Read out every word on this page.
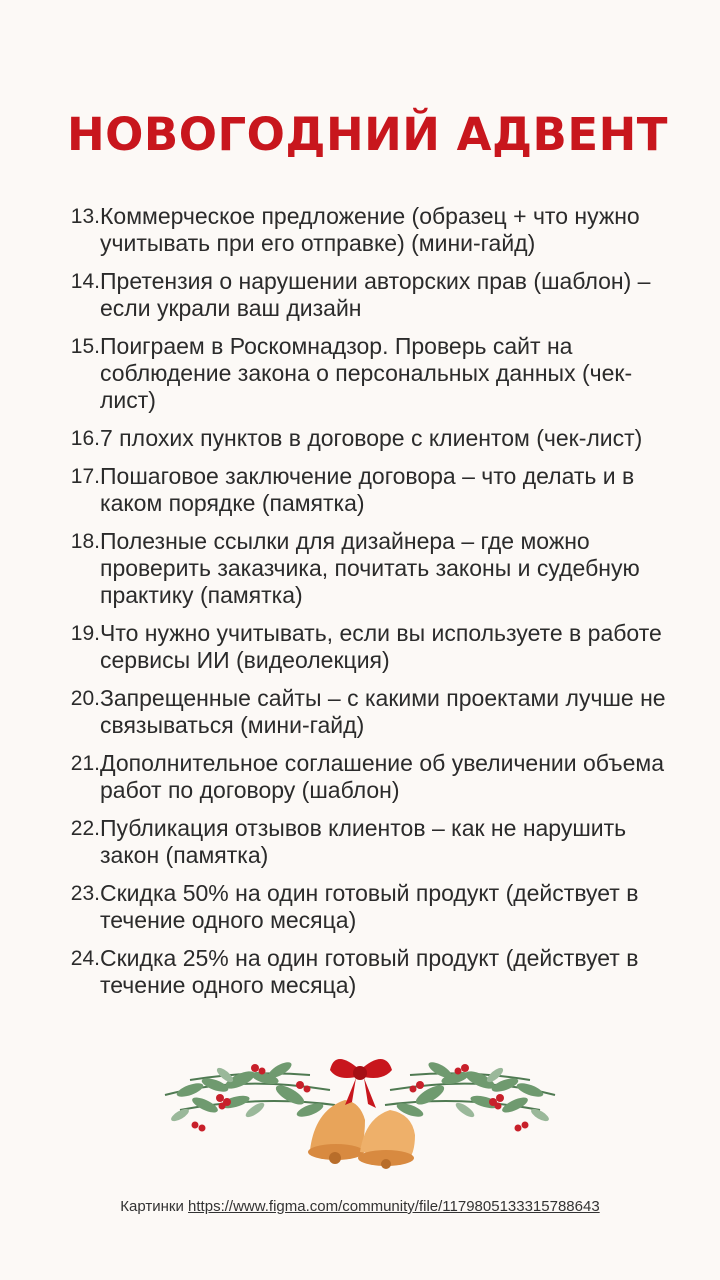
НОВОГОДНИЙ АДВЕНТ
13. Коммерческое предложение (образец + что нужно учитывать при его отправке) (мини-гайд)
14. Претензия о нарушении авторских прав (шаблон) – если украли ваш дизайн
15. Поиграем в Роскомнадзор. Проверь сайт на соблюдение закона о персональных данных (чек-лист)
16. 7 плохих пунктов в договоре с клиентом (чек-лист)
17. Пошаговое заключение договора – что делать и в каком порядке (памятка)
18. Полезные ссылки для дизайнера – где можно проверить заказчика, почитать законы и судебную практику (памятка)
19. Что нужно учитывать, если вы используете в работе сервисы ИИ (видеолекция)
20. Запрещенные сайты – с какими проектами лучше не связываться (мини-гайд)
21. Дополнительное соглашение об увеличении объема работ по договору (шаблон)
22. Публикация отзывов клиентов – как не нарушить закон (памятка)
23. Скидка 50% на один готовый продукт (действует в течение одного месяца)
24. Скидка 25% на один готовый продукт (действует в течение одного месяца)
Картинки https://www.figma.com/community/file/1179805133315788643
